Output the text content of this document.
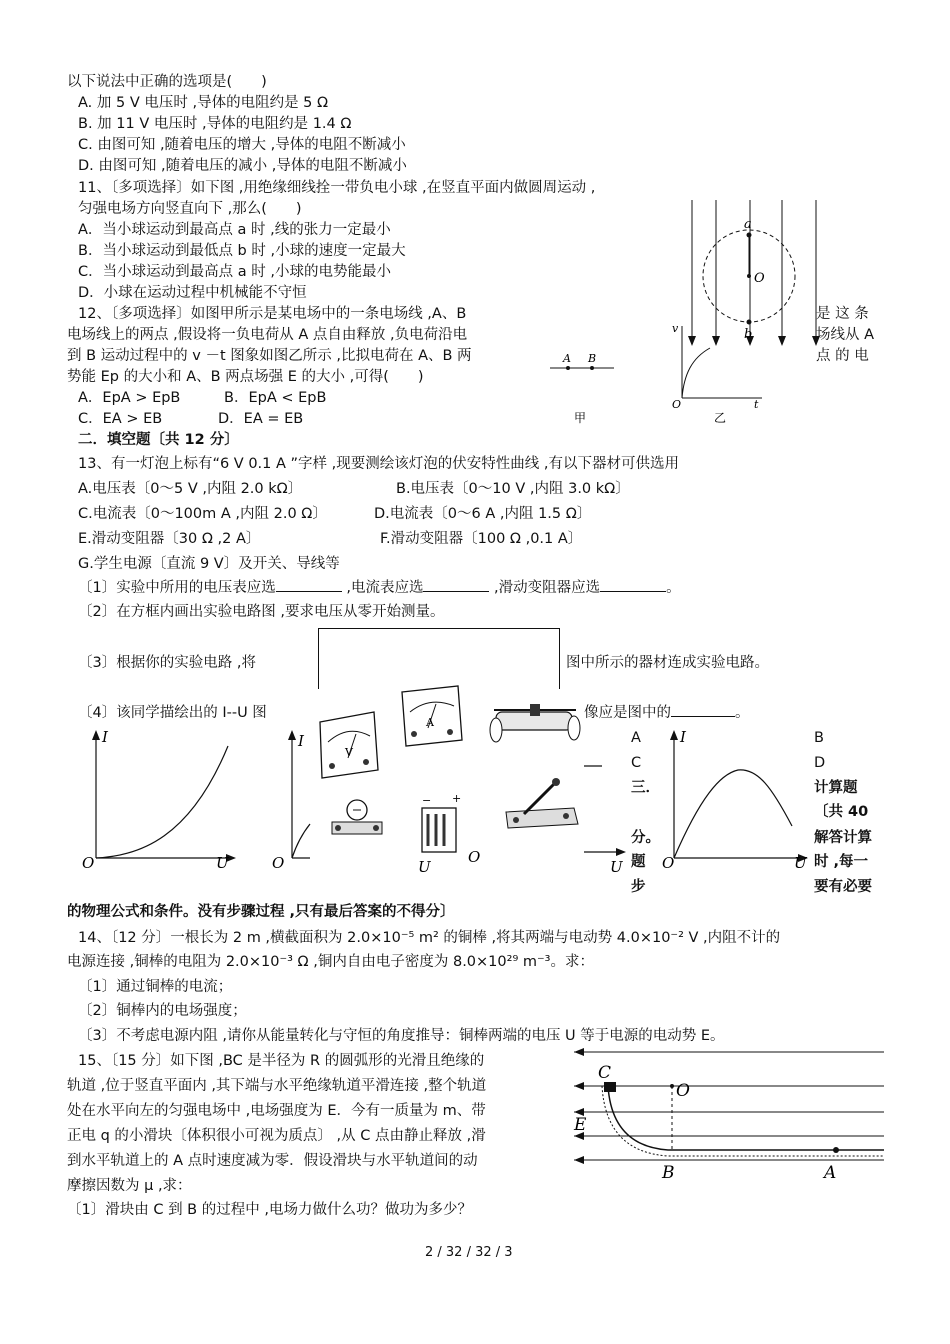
以下说法中正确的选项是(　　)
A. 加 5 V 电压时 ,导体的电阻约是 5 Ω
B. 加 11 V 电压时 ,导体的电阻约是 1.4 Ω
C. 由图可知 ,随着电压的增大 ,导体的电阻不断减小
D. 由图可知 ,随着电压的减小 ,导体的电阻不断减小
11、〔多项选择〕如下图 ,用绝缘细线拴一带负电小球 ,在竖直平面内做圆周运动 ,
匀强电场方向竖直向下 ,那么(　　)
A．当小球运动到最高点 a 时 ,线的张力一定最小
B．当小球运动到最低点 b 时 ,小球的速度一定最大
C．当小球运动到最高点 a 时 ,小球的电势能最小
D．小球在运动过程中机械能不守恒
a
O
b
12、〔多项选择〕如图甲所示是某电场中的一条电场线 ,A、B
电场线上的两点 ,假设将一负电荷从 A 点自由释放 ,负电荷沿电
到 B 运动过程中的 v －t 图象如图乙所示 ,比拟电荷在 A、B 两
势能 Ep 的大小和 A、B 两点场强 E 的大小 ,可得(　　)
是 这 条
场线从 A
点 的 电
A．EpA > EpB	B．EpA < EpB
C．EA > EB	D．EA = EB
A B
甲
v
O	t
乙
二．填空题〔共 12 分〕
13、有一灯泡上标有“6 V 0.1 A ”字样 ,现要测绘该灯泡的伏安特性曲线 ,有以下器材可供选用
A.电压表〔0～5 V ,内阻 2.0 kΩ〕	B.电压表〔0～10 V ,内阻 3.0 kΩ〕
C.电流表〔0～100m A ,内阻 2.0 Ω〕	D.电流表〔0～6 A ,内阻 1.5 Ω〕
E.滑动变阻器〔30 Ω ,2 A〕	F.滑动变阻器〔100 Ω ,0.1 A〕
G.学生电源〔直流 9 V〕及开关、导线等
〔1〕实验中所用的电压表应选	,电流表应选	,滑动变阻器应选	。
〔2〕在方框内画出实验电路图 ,要求电压从零开始测量。
〔3〕根据你的实验电路 ,将	图中所示的器材连成实验电路。
〔4〕该同学描绘出的 I--U 图	像应是图中的	。
I
O	U
I
O
V
A
− +
U
O
U
I
O	U
A	B
C	D
三．	计算题
〔共 40
分。	解答计算
题	时 ,每一
步	要有必要
的物理公式和条件。没有步骤过程 ,只有最后答案的不得分〕
14、〔12 分〕一根长为 2 m ,横截面积为 2.0×10⁻⁵ m² 的铜棒 ,将其两端与电动势 4.0×10⁻² V ,内阻不计的
电源连接 ,铜棒的电阻为 2.0×10⁻³ Ω ,铜内自由电子密度为 8.0×10²⁹ m⁻³。求：
〔1〕通过铜棒的电流；
〔2〕铜棒内的电场强度；
〔3〕不考虑电源内阻 ,请你从能量转化与守恒的角度推导：铜棒两端的电压 U 等于电源的电动势 E。
15、〔15 分〕如下图 ,BC 是半径为 R 的圆弧形的光滑且绝缘的
轨道 ,位于竖直平面内 ,其下端与水平绝缘轨道平滑连接 ,整个轨道
处在水平向左的匀强电场中 ,电场强度为 E．今有一质量为 m、带
正电 q 的小滑块〔体积很小可视为质点〕 ,从 C 点由静止释放 ,滑
到水平轨道上的 A 点时速度减为零．假设滑块与水平轨道间的动
摩擦因数为 μ ,求：
〔1〕滑块由 C 到 B 的过程中 ,电场力做什么功？做功为多少？
C
O
E
B	A
2 / 32 / 32 / 3
